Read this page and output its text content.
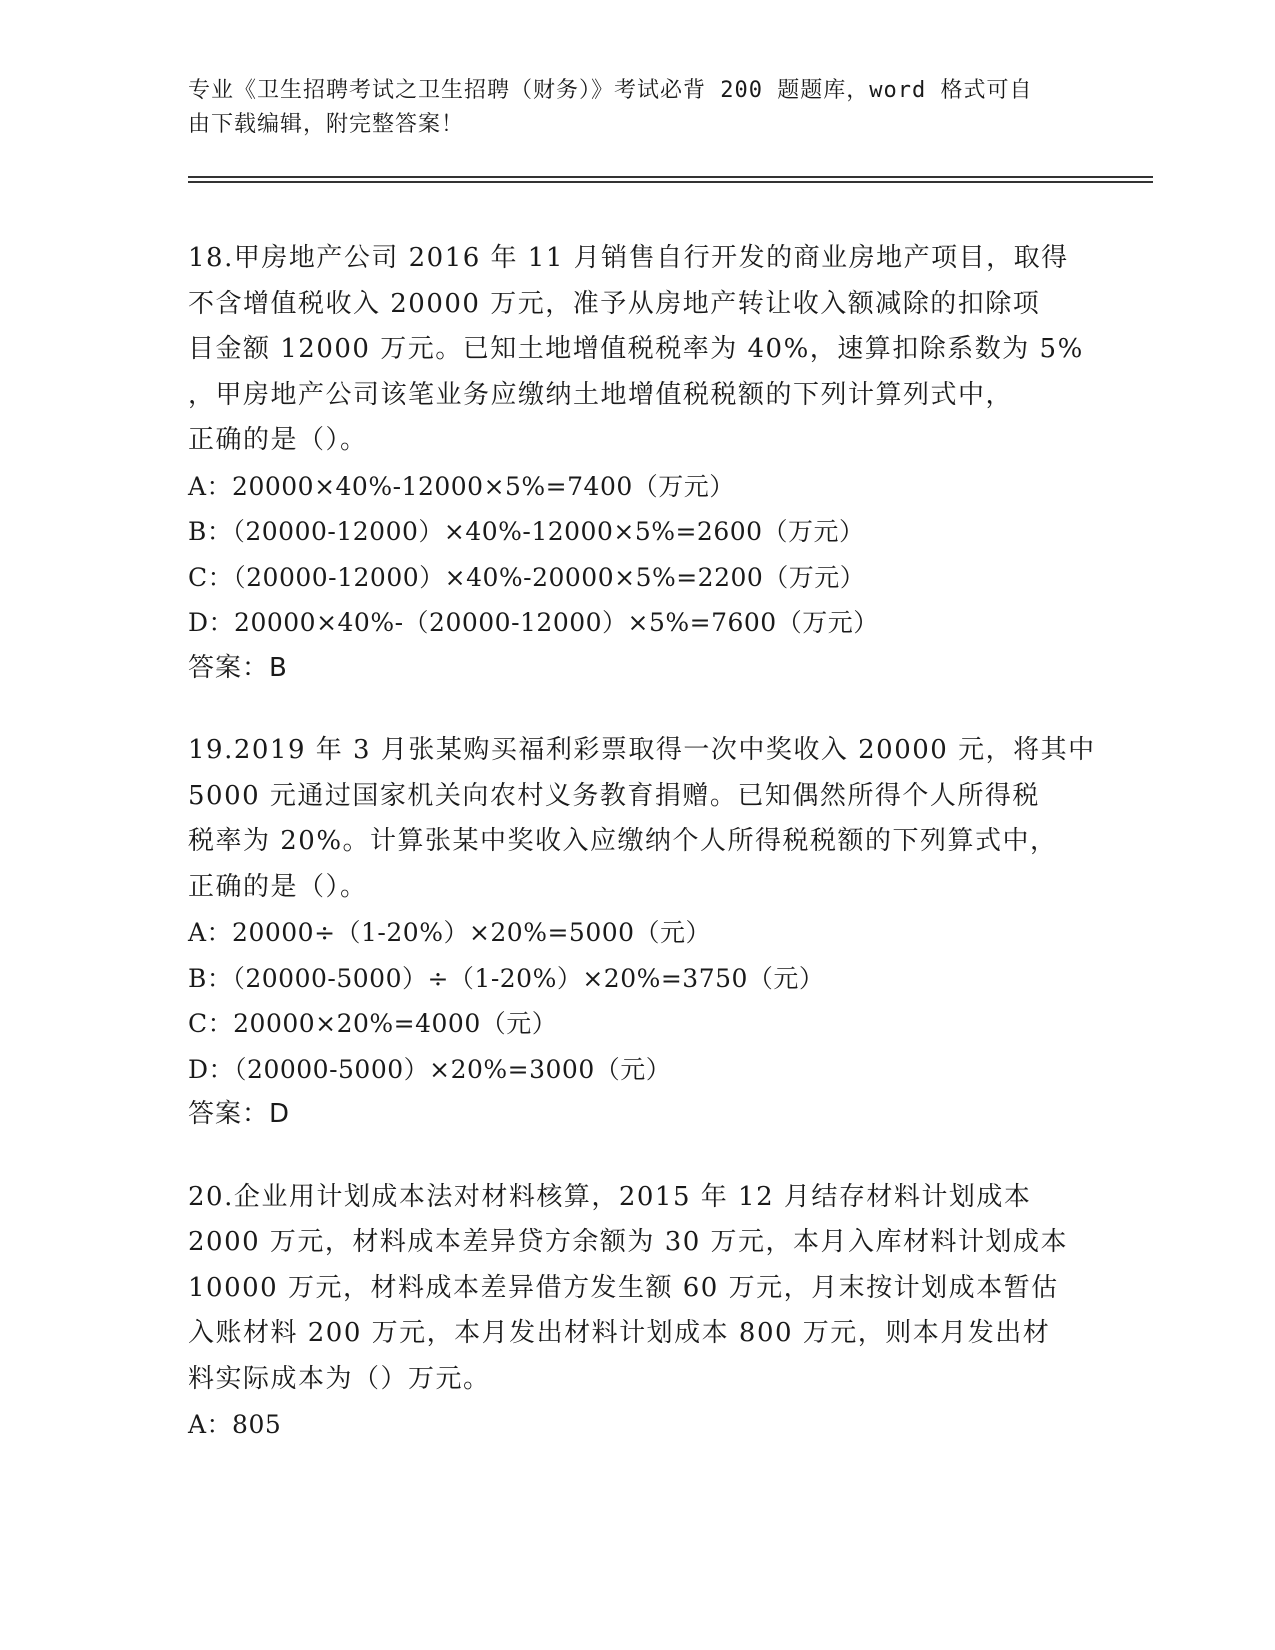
专业《卫生招聘考试之卫生招聘（财务）》考试必背 200 题题库，word 格式可自
由下载编辑，附完整答案！
18.甲房地产公司 2016 年 11 月销售自行开发的商业房地产项目，取得
不含增值税收入 20000 万元，准予从房地产转让收入额减除的扣除项
目金额 12000 万元。已知土地增值税税率为 40%，速算扣除系数为 5%
，甲房地产公司该笔业务应缴纳土地增值税税额的下列计算列式中，
正确的是（）。
A：20000×40%-12000×5%=7400（万元）
B：（20000-12000）×40%-12000×5%=2600（万元）
C：（20000-12000）×40%-20000×5%=2200（万元）
D：20000×40%-（20000-12000）×5%=7600（万元）
答案：B
19.2019 年 3 月张某购买福利彩票取得一次中奖收入 20000 元，将其中
5000 元通过国家机关向农村义务教育捐赠。已知偶然所得个人所得税
税率为 20%。计算张某中奖收入应缴纳个人所得税税额的下列算式中，
正确的是（）。
A：20000÷（1-20%）×20%=5000（元）
B：（20000-5000）÷（1-20%）×20%=3750（元）
C：20000×20%=4000（元）
D：（20000-5000）×20%=3000（元）
答案：D
20.企业用计划成本法对材料核算，2015 年 12 月结存材料计划成本
2000 万元，材料成本差异贷方余额为 30 万元，本月入库材料计划成本
10000 万元，材料成本差异借方发生额 60 万元，月末按计划成本暂估
入账材料 200 万元，本月发出材料计划成本 800 万元，则本月发出材
料实际成本为（）万元。
A：805
